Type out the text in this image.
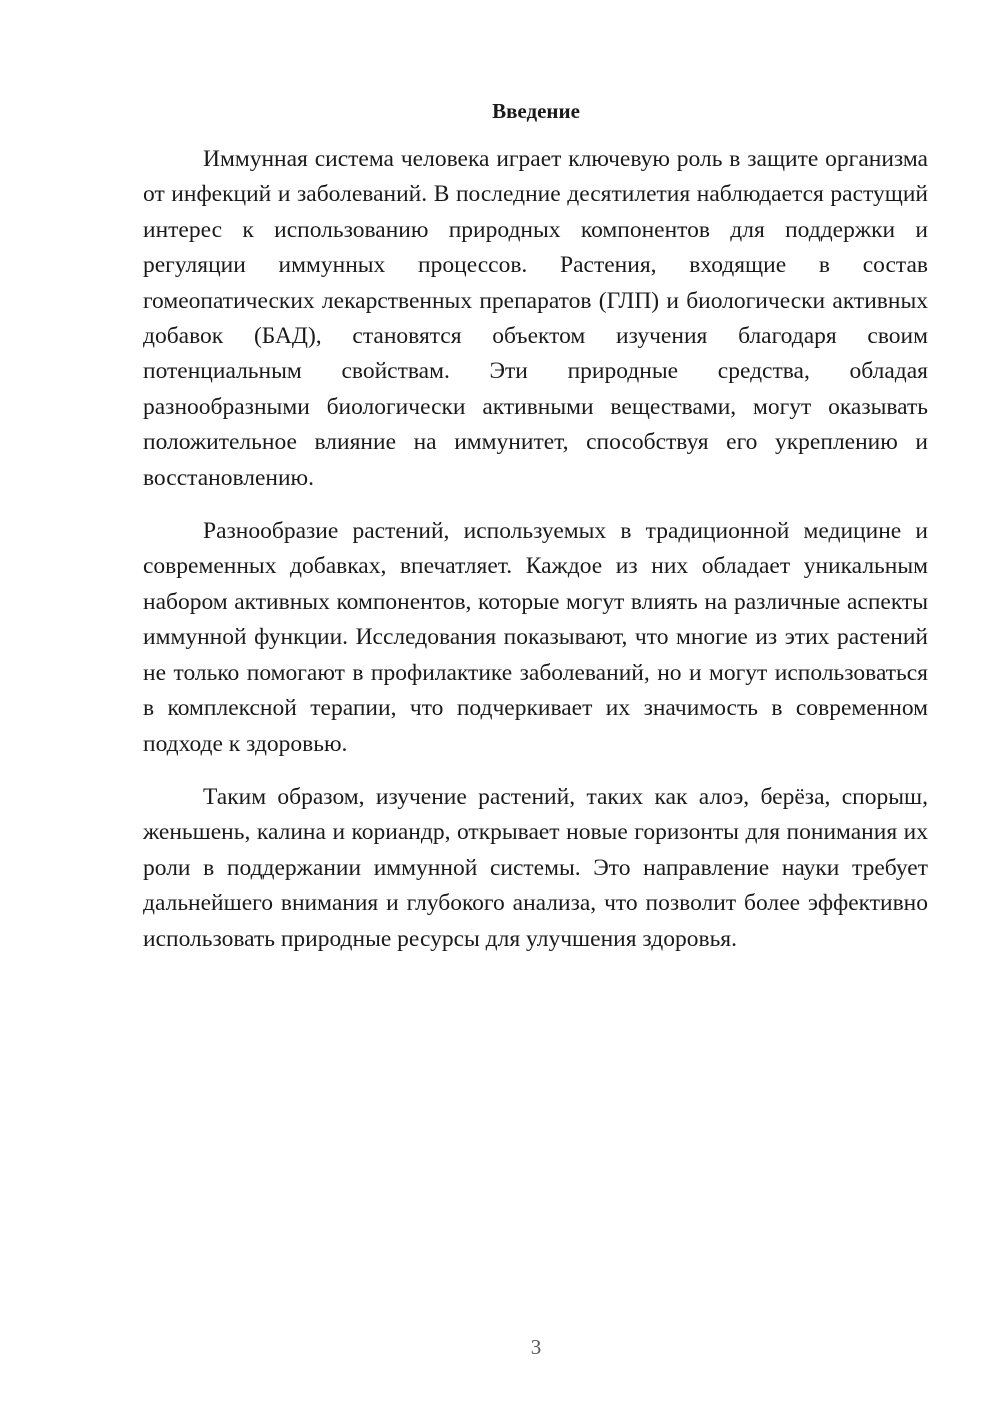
Введение

Иммунная система человека играет ключевую роль в защите организма от инфекций и заболеваний. В последние десятилетия наблюдается растущий интерес к использованию природных компонентов для поддержки и регуляции иммунных процессов. Растения, входящие в состав гомеопатических лекарственных препаратов (ГЛП) и биологически активных добавок (БАД), становятся объектом изучения благодаря своим потенциальным свойствам. Эти природные средства, обладая разнообразными биологически активными веществами, могут оказывать положительное влияние на иммунитет, способствуя его укреплению и восстановлению.

Разнообразие растений, используемых в традиционной медицине и современных добавках, впечатляет. Каждое из них обладает уникальным набором активных компонентов, которые могут влиять на различные аспекты иммунной функции. Исследования показывают, что многие из этих растений не только помогают в профилактике заболеваний, но и могут использоваться в комплексной терапии, что подчеркивает их значимость в современном подходе к здоровью.

Таким образом, изучение растений, таких как алоэ, берёза, спорыш, женьшень, калина и кориандр, открывает новые горизонты для понимания их роли в поддержании иммунной системы. Это направление науки требует дальнейшего внимания и глубокого анализа, что позволит более эффективно использовать природные ресурсы для улучшения здоровья.

3
